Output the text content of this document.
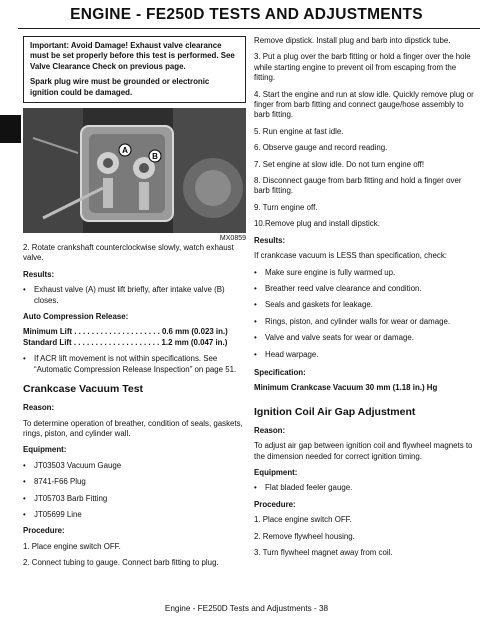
ENGINE - FE250D TESTS AND ADJUSTMENTS

Important: Avoid Damage! Exhaust valve clearance must be set properly before this test is performed. See Valve Clearance Check on previous page.

Spark plug wire must be grounded or electronic ignition could be damaged.

A
B
MX0859

2. Rotate crankshaft counterclockwise slowly, watch exhaust valve.

Results:

• Exhaust valve (A) must lift briefly, after intake valve (B) closes.

Auto Compression Release:

Minimum Lift . . . . . . . . . . . . . . . . . . . . 0.6 mm (0.023 in.)

Standard Lift . . . . . . . . . . . . . . . . . . . . 1.2 mm (0.047 in.)

• If ACR lift movement is not within specifications. See “Automatic Compression Release Inspection” on page 51.

Crankcase Vacuum Test

Reason:

To determine operation of breather, condition of seals, gaskets, rings, piston, and cylinder wall.

Equipment:

• JT03503 Vacuum Gauge

• 8741-F66 Plug

• JT05703 Barb Fitting

• JT05699 Line

Procedure:

1. Place engine switch OFF.

2. Connect tubing to gauge. Connect barb fitting to plug.

Remove dipstick. Install plug and barb into dipstick tube.

3. Put a plug over the barb fitting or hold a finger over the hole while starting engine to prevent oil from escaping from the fitting.

4. Start the engine and run at slow idle. Quickly remove plug or finger from barb fitting and connect gauge/hose assembly to barb fitting.

5. Run engine at fast idle.

6. Observe gauge and record reading.

7. Set engine at slow idle. Do not turn engine off!

8. Disconnect gauge from barb fitting and hold a finger over barb fitting.

9. Turn engine off.

10.Remove plug and install dipstick.

Results:

If crankcase vacuum is LESS than specification, check:

• Make sure engine is fully warmed up.

• Breather reed valve clearance and condition.

• Seals and gaskets for leakage.

• Rings, piston, and cylinder walls for wear or damage.

• Valve and valve seats for wear or damage.

• Head warpage.

Specification:

Minimum Crankcase Vacuum 30 mm (1.18 in.) Hg

Ignition Coil Air Gap Adjustment

Reason:

To adjust air gap between ignition coil and flywheel magnets to the dimension needed for correct ignition timing.

Equipment:

• Flat bladed feeler gauge.

Procedure:

1. Place engine switch OFF.

2. Remove flywheel housing.

3. Turn flywheel magnet away from coil.

Engine - FE250D Tests and Adjustments - 38
